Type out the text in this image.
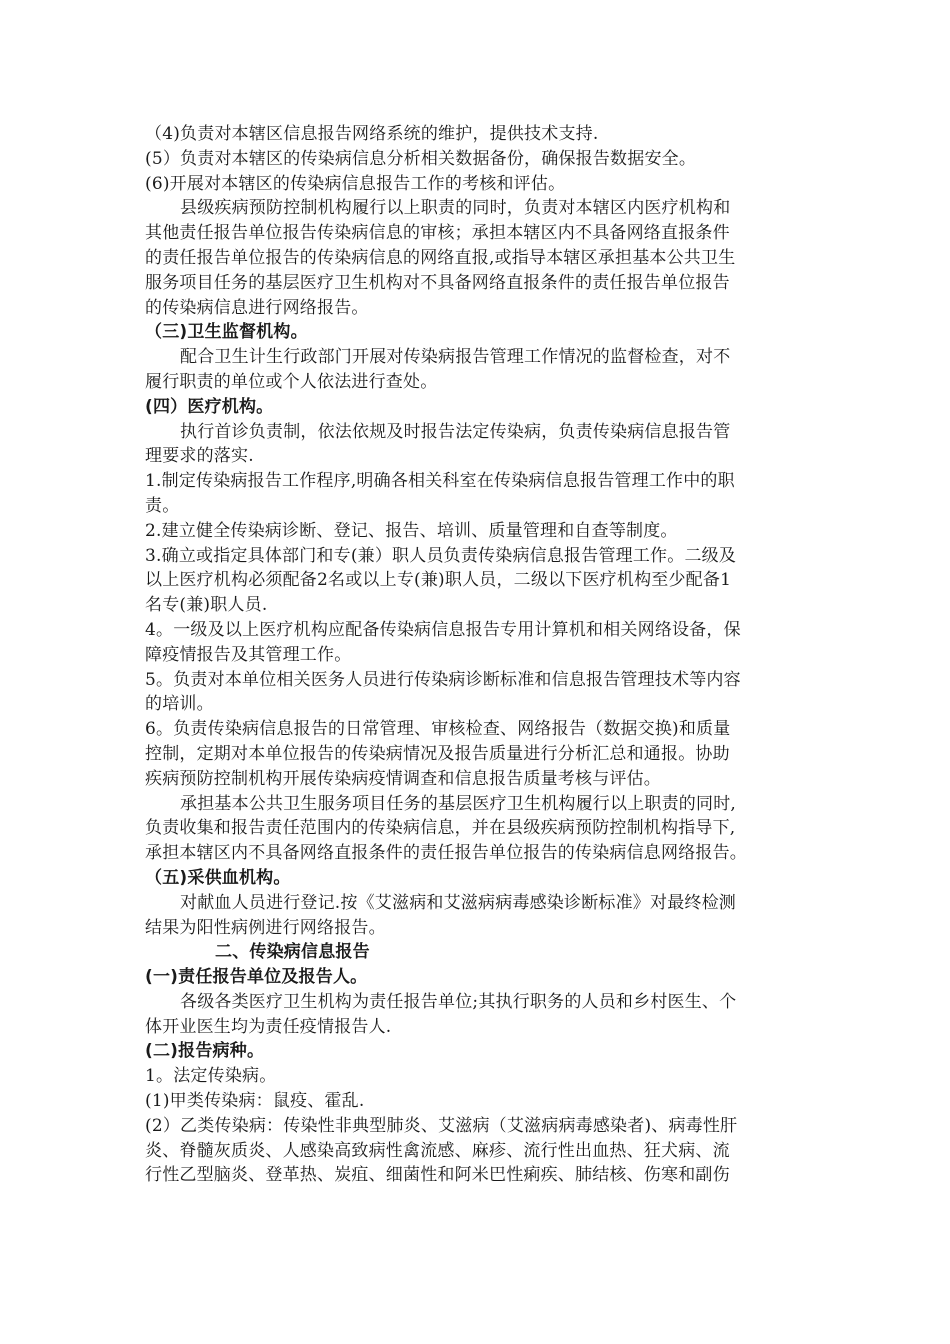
（4)负责对本辖区信息报告网络系统的维护，提供技术支持.
(5）负责对本辖区的传染病信息分析相关数据备份，确保报告数据安全。
(6)开展对本辖区的传染病信息报告工作的考核和评估。
县级疾病预防控制机构履行以上职责的同时，负责对本辖区内医疗机构和
其他责任报告单位报告传染病信息的审核；承担本辖区内不具备网络直报条件
的责任报告单位报告的传染病信息的网络直报,或指导本辖区承担基本公共卫生
服务项目任务的基层医疗卫生机构对不具备网络直报条件的责任报告单位报告
的传染病信息进行网络报告。
（三)卫生监督机构。
配合卫生计生行政部门开展对传染病报告管理工作情况的监督检查，对不
履行职责的单位或个人依法进行查处。
(四）医疗机构。
执行首诊负责制，依法依规及时报告法定传染病，负责传染病信息报告管
理要求的落实.
1.制定传染病报告工作程序,明确各相关科室在传染病信息报告管理工作中的职
责。
2.建立健全传染病诊断、登记、报告、培训、质量管理和自查等制度。
3.确立或指定具体部门和专(兼）职人员负责传染病信息报告管理工作。二级及
以上医疗机构必须配备2名或以上专(兼)职人员，二级以下医疗机构至少配备1
名专(兼)职人员.
4。一级及以上医疗机构应配备传染病信息报告专用计算机和相关网络设备，保
障疫情报告及其管理工作。
5。负责对本单位相关医务人员进行传染病诊断标准和信息报告管理技术等内容
的培训。
6。负责传染病信息报告的日常管理、审核检查、网络报告（数据交换)和质量
控制，定期对本单位报告的传染病情况及报告质量进行分析汇总和通报。协助
疾病预防控制机构开展传染病疫情调查和信息报告质量考核与评估。
承担基本公共卫生服务项目任务的基层医疗卫生机构履行以上职责的同时,
负责收集和报告责任范围内的传染病信息，并在县级疾病预防控制机构指导下,
承担本辖区内不具备网络直报条件的责任报告单位报告的传染病信息网络报告。
（五)采供血机构。
对献血人员进行登记.按《艾滋病和艾滋病病毒感染诊断标准》对最终检测
结果为阳性病例进行网络报告。
二、传染病信息报告
(一)责任报告单位及报告人。
各级各类医疗卫生机构为责任报告单位;其执行职务的人员和乡村医生、个
体开业医生均为责任疫情报告人.
(二)报告病种。
1。法定传染病。
(1)甲类传染病：鼠疫、霍乱.
(2）乙类传染病：传染性非典型肺炎、艾滋病（艾滋病病毒感染者)、病毒性肝
炎、脊髓灰质炎、人感染高致病性禽流感、麻疹、流行性出血热、狂犬病、流
行性乙型脑炎、登革热、炭疽、细菌性和阿米巴性痢疾、肺结核、伤寒和副伤
